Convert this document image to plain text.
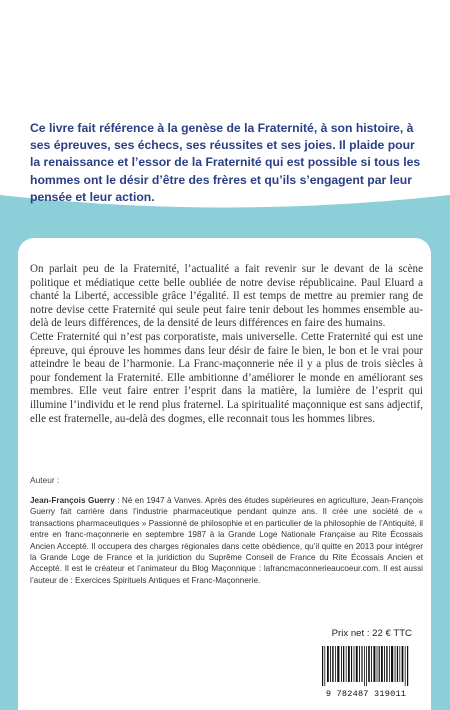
Ce livre fait référence à la genèse de la Fraternité, à son histoire, à ses épreuves, ses échecs, ses réussites et ses joies. Il plaide pour la renaissance et l’essor de la Fraternité qui est possible si tous les hommes ont le désir d’être des frères et qu’ils s’engagent par leur pensée et leur action.

On parlait peu de la Fraternité, l’actualité a fait revenir sur le devant de la scène politique et médiatique cette belle oubliée de notre devise républicaine. Paul Eluard a chanté la Liberté, accessible grâce l’égalité. Il est temps de mettre au premier rang de notre devise cette Fraternité qui seule peut faire tenir debout les hommes ensemble au-delà de leurs différences, de la densité de leurs différences en faire des humains.

Cette Fraternité qui n’est pas corporatiste, mais universelle. Cette Fraternité qui est une épreuve, qui éprouve les hommes dans leur désir de faire le bien, le bon et le vrai pour atteindre le beau de l’harmonie. La Franc-maçonnerie née il y a plus de trois siècles à pour fondement la Fraternité. Elle ambitionne d’améliorer le monde en améliorant ses membres. Elle veut faire entrer l’esprit dans la matière, la lumière de l’esprit qui illumine l’individu et le rend plus fraternel. La spiritualité maçonnique est sans adjectif, elle est fraternelle, au-delà des dogmes, elle reconnait tous les hommes libres.

Auteur :

Jean-François Guerry : Né en 1947 à Vanves. Après des études supérieures en agriculture, Jean-François Guerry fait carrière dans l’industrie pharmaceutique pendant quinze ans. Il crée une société de « transactions pharmaceutiques » Passionné de philosophie et en particulier de la philosophie de l’Antiquité, il entre en franc-maçonnerie en septembre 1987 à la Grande Loge Nationale Française au Rite Écossais Ancien Accepté. Il occupera des charges régionales dans cette obédience, qu’il quitte en 2013 pour intégrer la Grande Loge de France et la juridiction du Suprême Conseil de France du Rite Écossais Ancien et Accepté. Il est le créateur et l’animateur du Blog Maçonnique : lafrancmaconnerieaucoeur.com. Il est aussi l’auteur de : Exercices Spirituels Antiques et Franc-Maçonnerie.

Prix net : 22 € TTC
9 782487 319011
